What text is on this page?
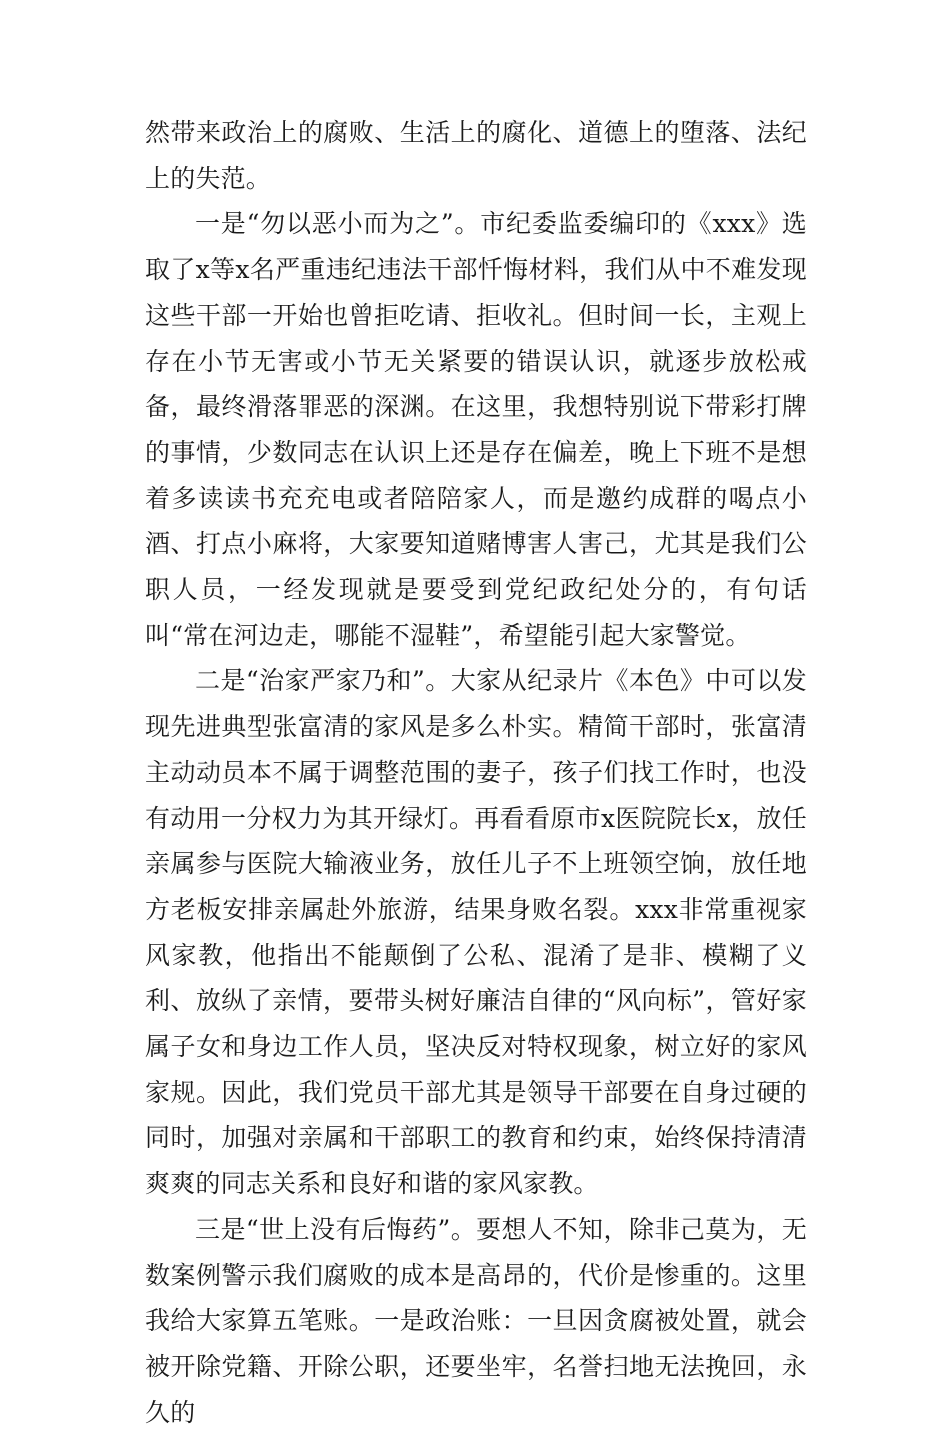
然带来政治上的腐败、生活上的腐化、道德上的堕落、法纪上的失范。

一是“勿以恶小而为之”。市纪委监委编印的《xxx》选取了x等x名严重违纪违法干部忏悔材料，我们从中不难发现这些干部一开始也曾拒吃请、拒收礼。但时间一长，主观上存在小节无害或小节无关紧要的错误认识，就逐步放松戒备，最终滑落罪恶的深渊。在这里，我想特别说下带彩打牌的事情，少数同志在认识上还是存在偏差，晚上下班不是想着多读读书充充电或者陪陪家人，而是邀约成群的喝点小酒、打点小麻将，大家要知道赌博害人害己，尤其是我们公职人员，一经发现就是要受到党纪政纪处分的，有句话叫“常在河边走，哪能不湿鞋”，希望能引起大家警觉。

二是“治家严家乃和”。大家从纪录片《本色》中可以发现先进典型张富清的家风是多么朴实。精简干部时，张富清主动动员本不属于调整范围的妻子，孩子们找工作时，也没有动用一分权力为其开绿灯。再看看原市x医院院长x，放任亲属参与医院大输液业务，放任儿子不上班领空饷，放任地方老板安排亲属赴外旅游，结果身败名裂。xxx非常重视家风家教，他指出不能颠倒了公私、混淆了是非、模糊了义利、放纵了亲情，要带头树好廉洁自律的“风向标”，管好家属子女和身边工作人员，坚决反对特权现象，树立好的家风家规。因此，我们党员干部尤其是领导干部要在自身过硬的同时，加强对亲属和干部职工的教育和约束，始终保持清清爽爽的同志关系和良好和谐的家风家教。

三是“世上没有后悔药”。要想人不知，除非己莫为，无数案例警示我们腐败的成本是高昂的，代价是惨重的。这里我给大家算五笔账。一是政治账：一旦因贪腐被处置，就会被开除党籍、开除公职，还要坐牢，名誉扫地无法挽回，永久的
